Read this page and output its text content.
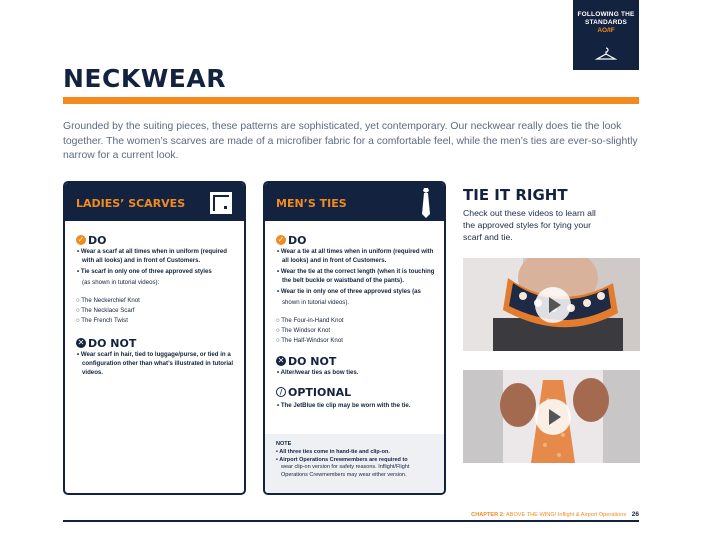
FOLLOWING THE
STANDARDS
AO/IF
NECKWEAR
Grounded by the suiting pieces, these patterns are sophisticated, yet contemporary. Our neckwear really does tie the look together. The women’s scarves are made of a microfiber fabric for a comfortable feel, while the men’s ties are ever-so-slightly narrow for a current look.
LADIES’ SCARVES
✓ DO
• Wear a scarf at all times when in uniform (required with all looks) and in front of Customers.
• Tie scarf in only one of three approved styles
(as shown in tutorial videos):
○ The Neckerchief Knot
○ The Necklace Scarf
○ The French Twist
✕ DO NOT
• Wear scarf in hair, tied to luggage/purse, or tied in a configuration other than what’s illustrated in tutorial videos.
MEN’S TIES
✓ DO
• Wear a tie at all times when in uniform (required with all looks) and in front of Customers.
• Wear the tie at the correct length (when it is touching the belt buckle or waistband of the pants).
• Wear tie in only one of three approved styles (as
shown in tutorial videos).
○ The Four-in-Hand Knot
○ The Windsor Knot
○ The Half-Windsor Knot
✕ DO NOT
• Alter/wear ties as bow ties.
/ OPTIONAL
• The JetBlue tie clip may be worn with the tie.
NOTE
• All three ties come in hand-tie and clip-on.
• Airport Operations Crewmembers are required to
wear clip-on version for safety reasons. Inflight/Flight Operations Crewmembers may wear either version.
TIE IT RIGHT
Check out these videos to learn all the approved styles for tying your scarf and tie.
CHAPTER 2: ABOVE THE WING! Inflight & Airport Operations 26
